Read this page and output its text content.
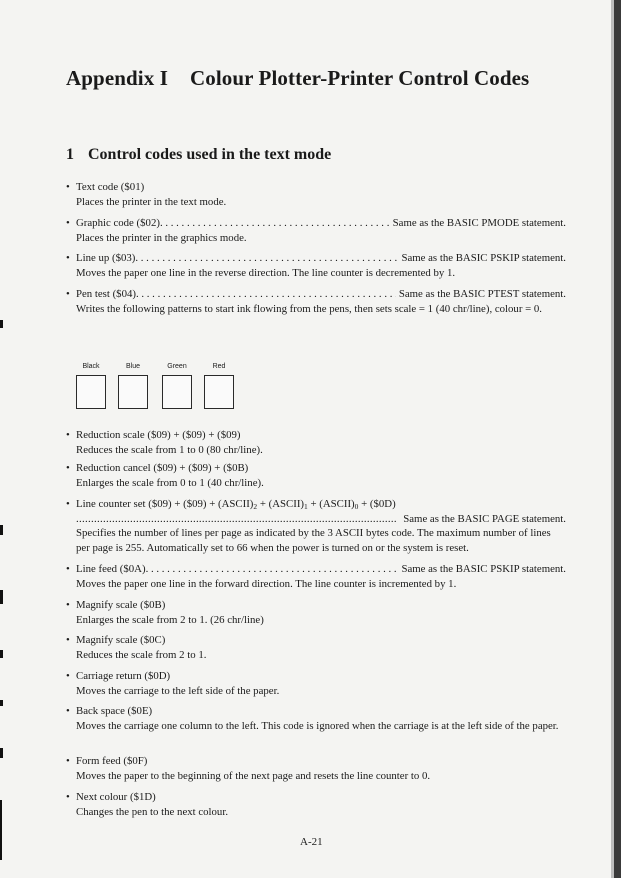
Appendix I Colour Plotter-Printer Control Codes
1 Control codes used in the text mode
• Text code ($01)
Places the printer in the text mode.
• Graphic code ($02) . . .	Same as the BASIC PMODE statement.
Places the printer in the graphics mode.
• Line up ($03) . . .	Same as the BASIC PSKIP statement.
Moves the paper one line in the reverse direction. The line counter is decremented by 1.
• Pen test ($04) . . .	Same as the BASIC PTEST statement.
Writes the following patterns to start ink flowing from the pens, then sets scale = 1 (40 chr/line), colour = 0.
Black	Blue	Green	Red
• Reduction scale ($09) + ($09) + ($09)
Reduces the scale from 1 to 0 (80 chr/line).
• Reduction cancel ($09) + ($09) + ($0B)
Enlarges the scale from 0 to 1 (40 chr/line).
• Line counter set ($09) + ($09) + $(ASCII)_2$ + $(ASCII)_1$ + $(ASCII)_0$ + ($0D)
. . .
Same as the BASIC PAGE statement.
Specifies the number of lines per page as indicated by the 3 ASCII bytes code. The maximum number of lines per page is 255. Automatically set to 66 when the power is turned on or the system is reset.
• Line feed ($0A) . . .	Same as the BASIC PSKIP statement.
Moves the paper one line in the forward direction. The line counter is incremented by 1.
• Magnify scale ($0B)
Enlarges the scale from 2 to 1. (26 chr/line)
• Magnify scale ($0C)
Reduces the scale from 2 to 1.
• Carriage return ($0D)
Moves the carriage to the left side of the paper.
• Back space ($0E)
Moves the carriage one column to the left. This code is ignored when the carriage is at the left side of the paper.
• Form feed ($0F)
Moves the paper to the beginning of the next page and resets the line counter to 0.
• Next colour ($1D)
Changes the pen to the next colour.
A-21
